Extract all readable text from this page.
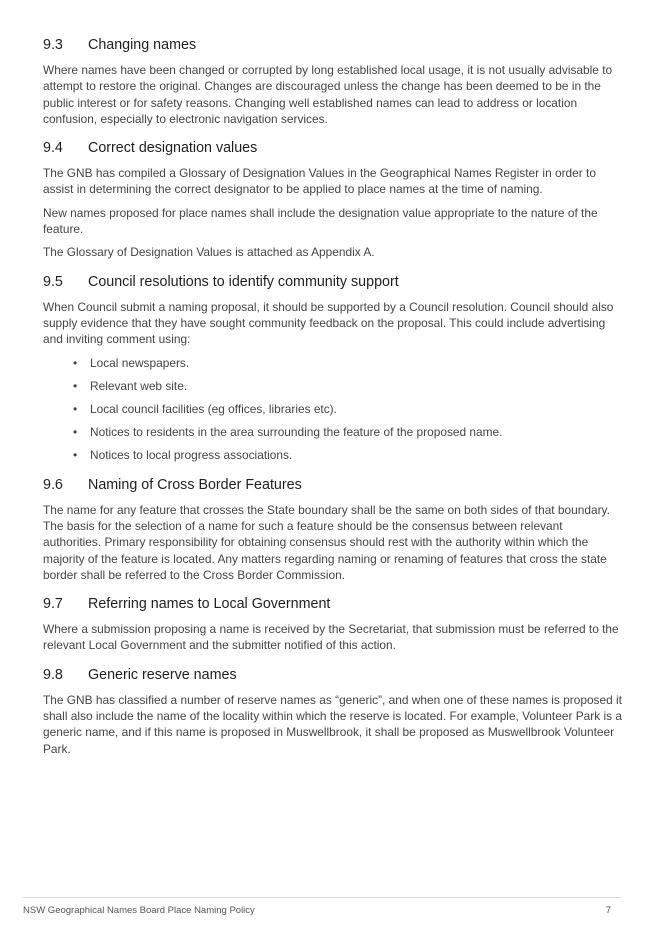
9.3	Changing names

Where names have been changed or corrupted by long established local usage, it is not usually advisable to attempt to restore the original. Changes are discouraged unless the change has been deemed to be in the public interest or for safety reasons. Changing well established names can lead to address or location confusion, especially to electronic navigation services.

9.4	Correct designation values

The GNB has compiled a Glossary of Designation Values in the Geographical Names Register in order to assist in determining the correct designator to be applied to place names at the time of naming.

New names proposed for place names shall include the designation value appropriate to the nature of the feature.

The Glossary of Designation Values is attached as Appendix A.

9.5	Council resolutions to identify community support

When Council submit a naming proposal, it should be supported by a Council resolution. Council should also supply evidence that they have sought community feedback on the proposal. This could include advertising and inviting comment using:

• Local newspapers.
• Relevant web site.
• Local council facilities (eg offices, libraries etc).
• Notices to residents in the area surrounding the feature of the proposed name.
• Notices to local progress associations.
9.6	Naming of Cross Border Features

The name for any feature that crosses the State boundary shall be the same on both sides of that boundary. The basis for the selection of a name for such a feature should be the consensus between relevant authorities. Primary responsibility for obtaining consensus should rest with the authority within which the majority of the feature is located. Any matters regarding naming or renaming of features that cross the state border shall be referred to the Cross Border Commission.

9.7	Referring names to Local Government

Where a submission proposing a name is received by the Secretariat, that submission must be referred to the relevant Local Government and the submitter notified of this action.

9.8	Generic reserve names

The GNB has classified a number of reserve names as “generic”, and when one of these names is proposed it shall also include the name of the locality within which the reserve is located. For example, Volunteer Park is a generic name, and if this name is proposed in Muswellbrook, it shall be proposed as Muswellbrook Volunteer Park.

NSW Geographical Names Board Place Naming Policy	7
